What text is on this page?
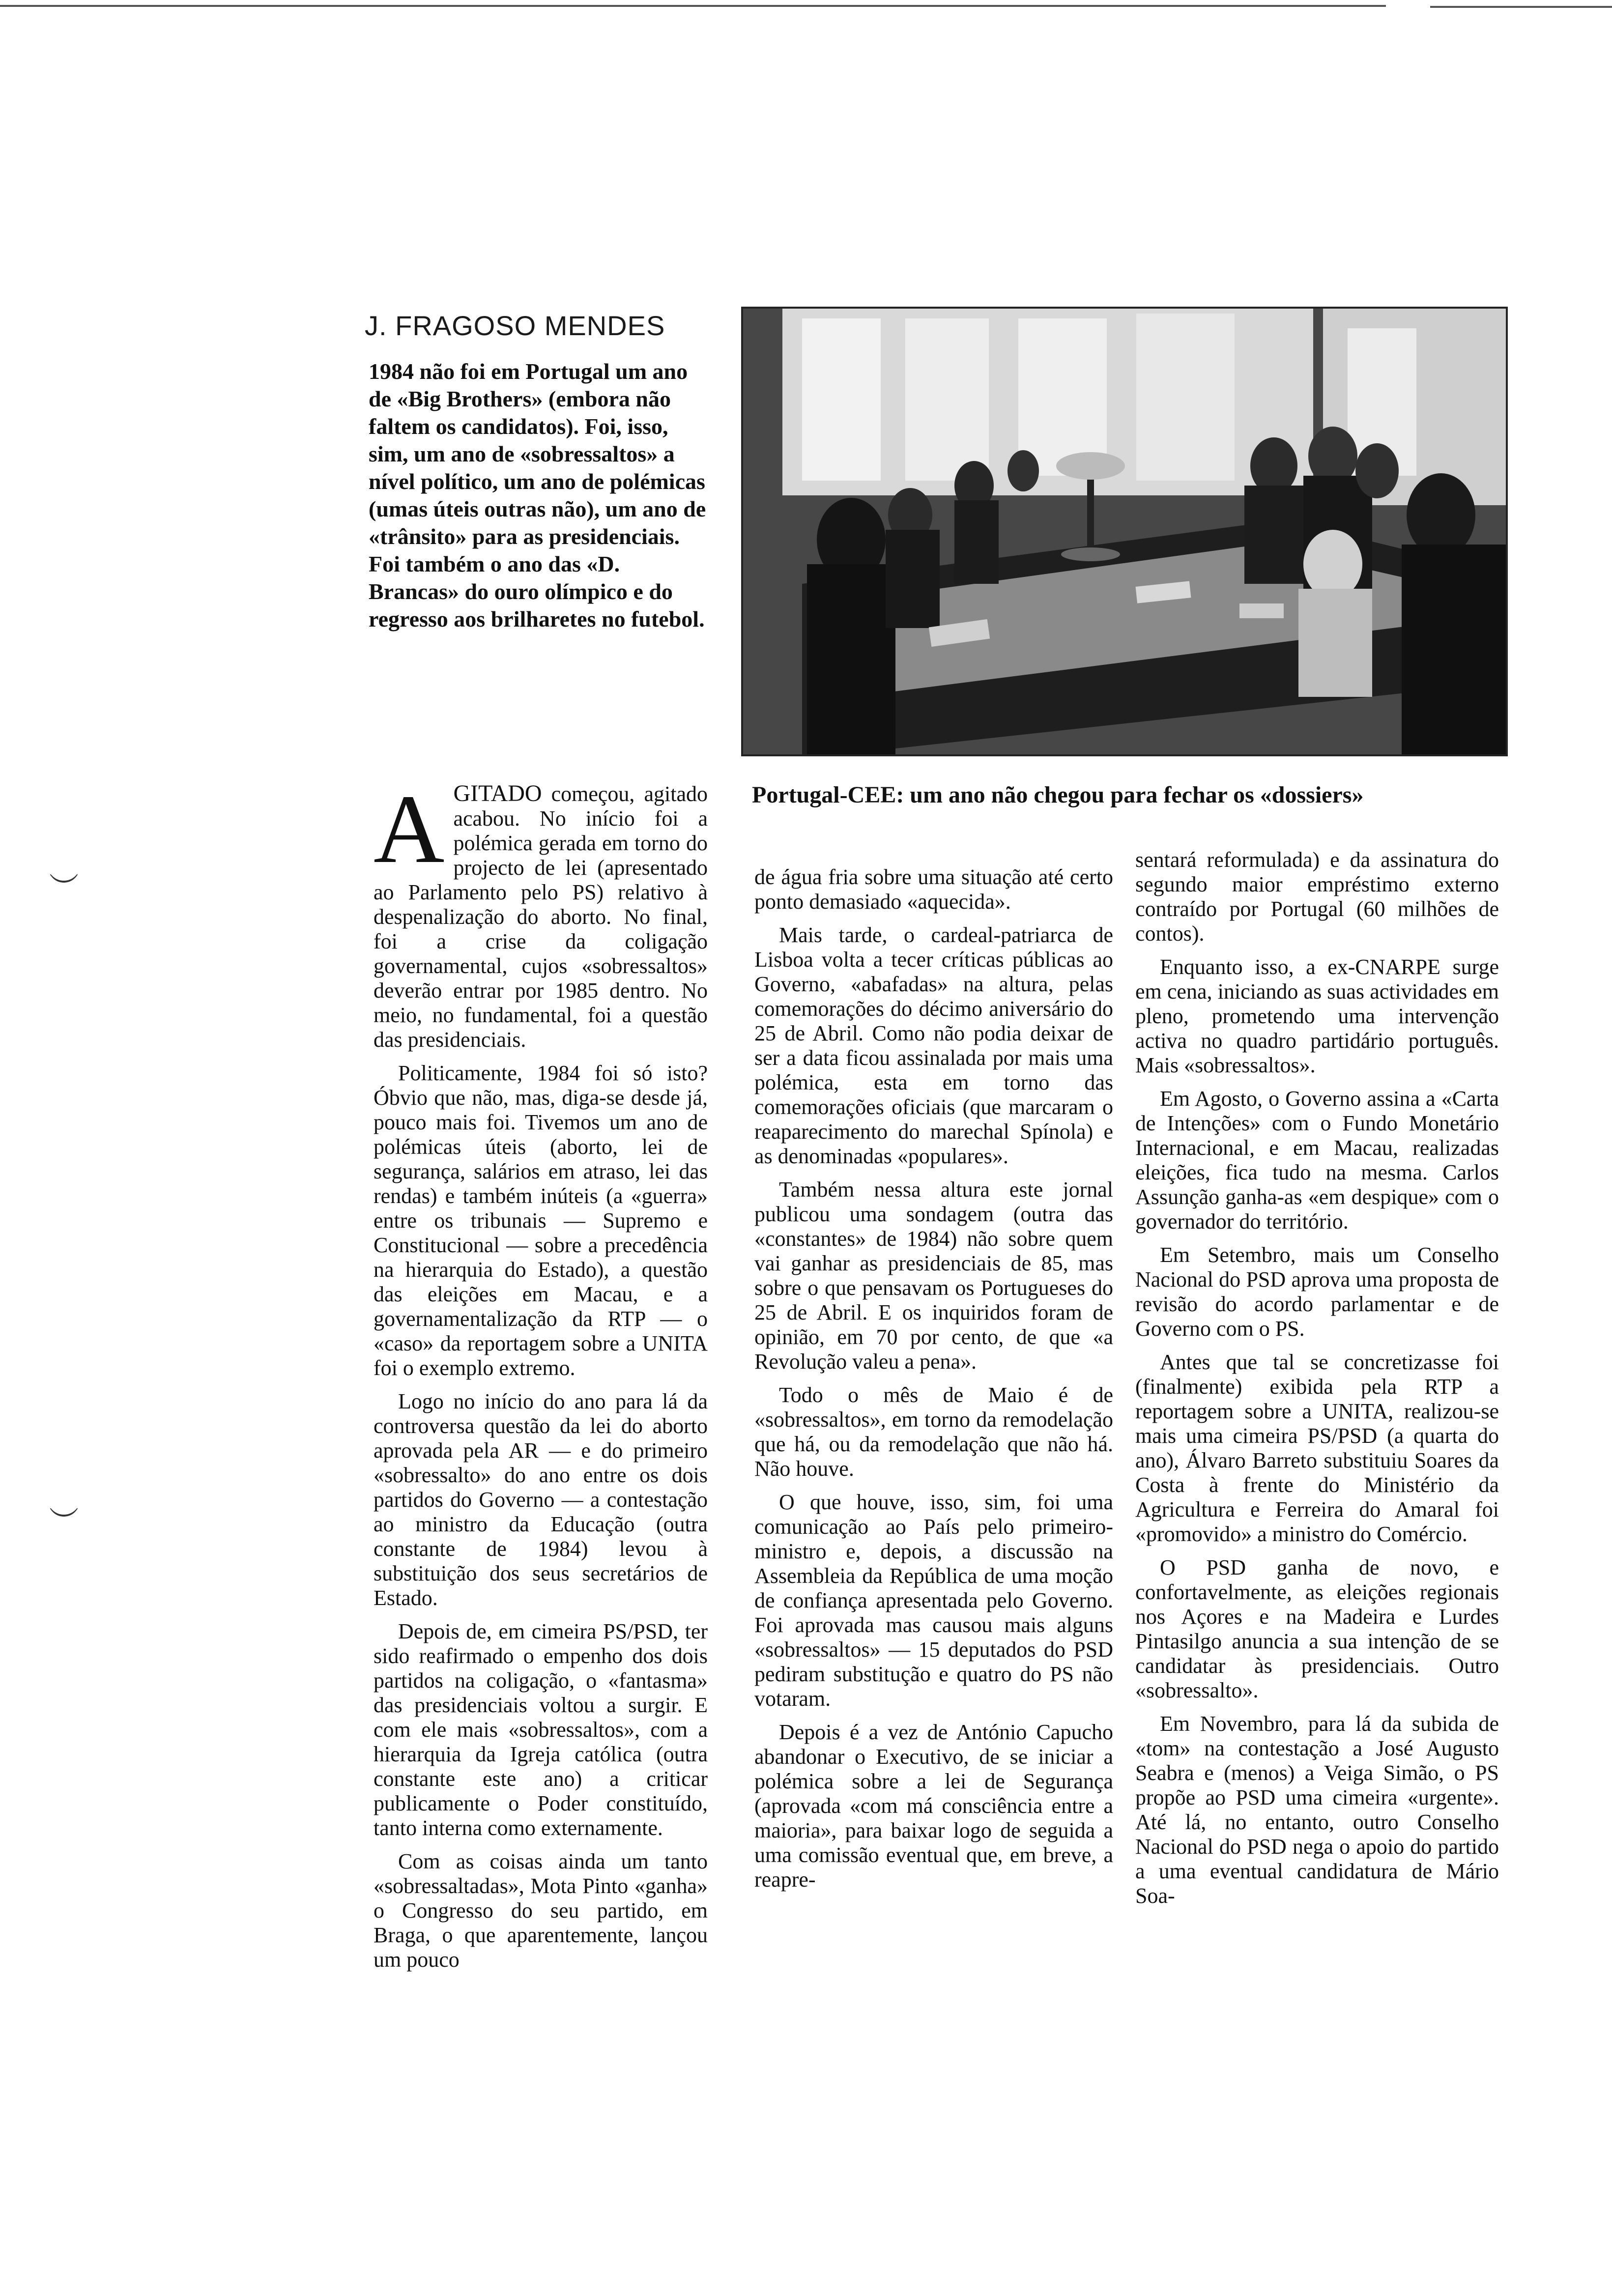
J. FRAGOSO MENDES
1984 não foi em Portugal um ano de «Big Brothers» (embora não faltem os candidatos). Foi, isso, sim, um ano de «sobressaltos» a nível político, um ano de polémicas (umas úteis outras não), um ano de «trânsito» para as presidenciais. Foi também o ano das «D. Brancas» do ouro olímpico e do regresso aos brilharetes no futebol.
Portugal-CEE: um ano não chegou para fechar os «dossiers»

AGITADO começou, agitado acabou. No início foi a polémica gerada em torno do projecto de lei (apresentado ao Parlamento pelo PS) relativo à despenalização do aborto. No final, foi a crise da coligação governamental, cujos «sobressaltos» deverão entrar por 1985 dentro. No meio, no fundamental, foi a questão das presidenciais.

Politicamente, 1984 foi só isto? Óbvio que não, mas, diga-se desde já, pouco mais foi. Tivemos um ano de polémicas úteis (aborto, lei de segurança, salários em atraso, lei das rendas) e também inúteis (a «guerra» entre os tribunais — Supremo e Constitucional — sobre a precedência na hierarquia do Estado), a questão das eleições em Macau, e a governamentalização da RTP — o «caso» da reportagem sobre a UNITA foi o exemplo extremo.

Logo no início do ano para lá da controversa questão da lei do aborto aprovada pela AR — e do primeiro «sobressalto» do ano entre os dois partidos do Governo — a contestação ao ministro da Educação (outra constante de 1984) levou à substituição dos seus secretários de Estado.

Depois de, em cimeira PS/PSD, ter sido reafirmado o empenho dos dois partidos na coligação, o «fantasma» das presidenciais voltou a surgir. E com ele mais «sobressaltos», com a hierarquia da Igreja católica (outra constante este ano) a criticar publicamente o Poder constituído, tanto interna como externamente.

Com as coisas ainda um tanto «sobressaltadas», Mota Pinto «ganha» o Congresso do seu partido, em Braga, o que aparentemente, lançou um pouco

de água fria sobre uma situação até certo ponto demasiado «aquecida».

Mais tarde, o cardeal-patriarca de Lisboa volta a tecer críticas públicas ao Governo, «abafadas» na altura, pelas comemorações do décimo aniversário do 25 de Abril. Como não podia deixar de ser a data ficou assinalada por mais uma polémica, esta em torno das comemorações oficiais (que marcaram o reaparecimento do marechal Spínola) e as denominadas «populares».

Também nessa altura este jornal publicou uma sondagem (outra das «constantes» de 1984) não sobre quem vai ganhar as presidenciais de 85, mas sobre o que pensavam os Portugueses do 25 de Abril. E os inquiridos foram de opinião, em 70 por cento, de que «a Revolução valeu a pena».

Todo o mês de Maio é de «sobressaltos», em torno da remodelação que há, ou da remodelação que não há. Não houve.

O que houve, isso, sim, foi uma comunicação ao País pelo primeiro-ministro e, depois, a discussão na Assembleia da República de uma moção de confiança apresentada pelo Governo. Foi aprovada mas causou mais alguns «sobressaltos» — 15 deputados do PSD pediram substitução e quatro do PS não votaram.

Depois é a vez de António Capucho abandonar o Executivo, de se iniciar a polémica sobre a lei de Segurança (aprovada «com má consciência entre a maioria», para baixar logo de seguida a uma comissão eventual que, em breve, a reapre-

sentará reformulada) e da assinatura do segundo maior empréstimo externo contraído por Portugal (60 milhões de contos).

Enquanto isso, a ex-CNARPE surge em cena, iniciando as suas actividades em pleno, prometendo uma intervenção activa no quadro partidário português. Mais «sobressaltos».

Em Agosto, o Governo assina a «Carta de Intenções» com o Fundo Monetário Internacional, e em Macau, realizadas eleições, fica tudo na mesma. Carlos Assunção ganha-as «em despique» com o governador do território.

Em Setembro, mais um Conselho Nacional do PSD aprova uma proposta de revisão do acordo parlamentar e de Governo com o PS.

Antes que tal se concretizasse foi (finalmente) exibida pela RTP a reportagem sobre a UNITA, realizou-se mais uma cimeira PS/PSD (a quarta do ano), Álvaro Barreto substituiu Soares da Costa à frente do Ministério da Agricultura e Ferreira do Amaral foi «promovido» a ministro do Comércio.

O PSD ganha de novo, e confortavelmente, as eleições regionais nos Açores e na Madeira e Lurdes Pintasilgo anuncia a sua intenção de se candidatar às presidenciais. Outro «sobressalto».

Em Novembro, para lá da subida de «tom» na contestação a José Augusto Seabra e (menos) a Veiga Simão, o PS propõe ao PSD uma cimeira «urgente». Até lá, no entanto, outro Conselho Nacional do PSD nega o apoio do partido a uma eventual candidatura de Mário Soa-

︶
︶
